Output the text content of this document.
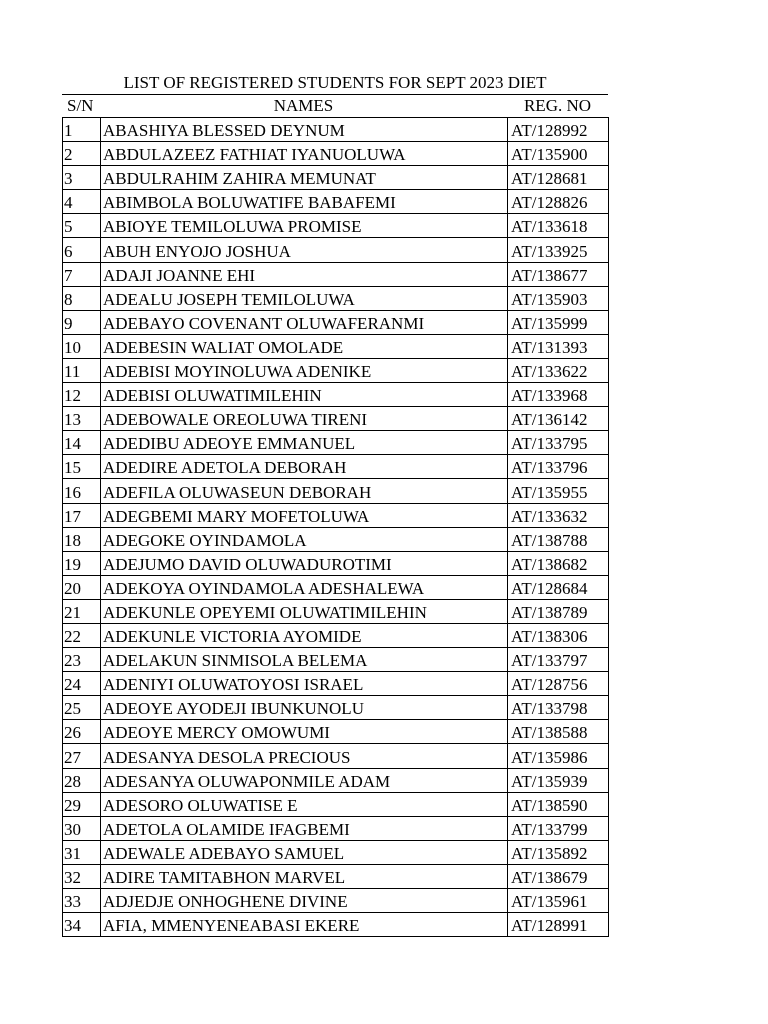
LIST OF REGISTERED STUDENTS FOR SEPT 2023 DIET
S/N	NAMES	REG. NO
1	ABASHIYA BLESSED DEYNUM	AT/128992
2	ABDULAZEEZ FATHIAT IYANUOLUWA	AT/135900
3	ABDULRAHIM ZAHIRA MEMUNAT	AT/128681
4	ABIMBOLA BOLUWATIFE BABAFEMI	AT/128826
5	ABIOYE TEMILOLUWA PROMISE	AT/133618
6	ABUH ENYOJO JOSHUA	AT/133925
7	ADAJI JOANNE EHI	AT/138677
8	ADEALU JOSEPH TEMILOLUWA	AT/135903
9	ADEBAYO COVENANT OLUWAFERANMI	AT/135999
10	ADEBESIN WALIAT OMOLADE	AT/131393
11	ADEBISI MOYINOLUWA ADENIKE	AT/133622
12	ADEBISI OLUWATIMILEHIN	AT/133968
13	ADEBOWALE OREOLUWA TIRENI	AT/136142
14	ADEDIBU ADEOYE EMMANUEL	AT/133795
15	ADEDIRE ADETOLA DEBORAH	AT/133796
16	ADEFILA OLUWASEUN DEBORAH	AT/135955
17	ADEGBEMI MARY MOFETOLUWA	AT/133632
18	ADEGOKE OYINDAMOLA	AT/138788
19	ADEJUMO DAVID OLUWADUROTIMI	AT/138682
20	ADEKOYA OYINDAMOLA ADESHALEWA	AT/128684
21	ADEKUNLE OPEYEMI OLUWATIMILEHIN	AT/138789
22	ADEKUNLE VICTORIA AYOMIDE	AT/138306
23	ADELAKUN SINMISOLA BELEMA	AT/133797
24	ADENIYI OLUWATOYOSI ISRAEL	AT/128756
25	ADEOYE AYODEJI IBUNKUNOLU	AT/133798
26	ADEOYE MERCY OMOWUMI	AT/138588
27	ADESANYA DESOLA PRECIOUS	AT/135986
28	ADESANYA OLUWAPONMILE ADAM	AT/135939
29	ADESORO OLUWATISE E	AT/138590
30	ADETOLA OLAMIDE IFAGBEMI	AT/133799
31	ADEWALE ADEBAYO SAMUEL	AT/135892
32	ADIRE TAMITABHON MARVEL	AT/138679
33	ADJEDJE ONHOGHENE DIVINE	AT/135961
34	AFIA, MMENYENEABASI EKERE	AT/128991
